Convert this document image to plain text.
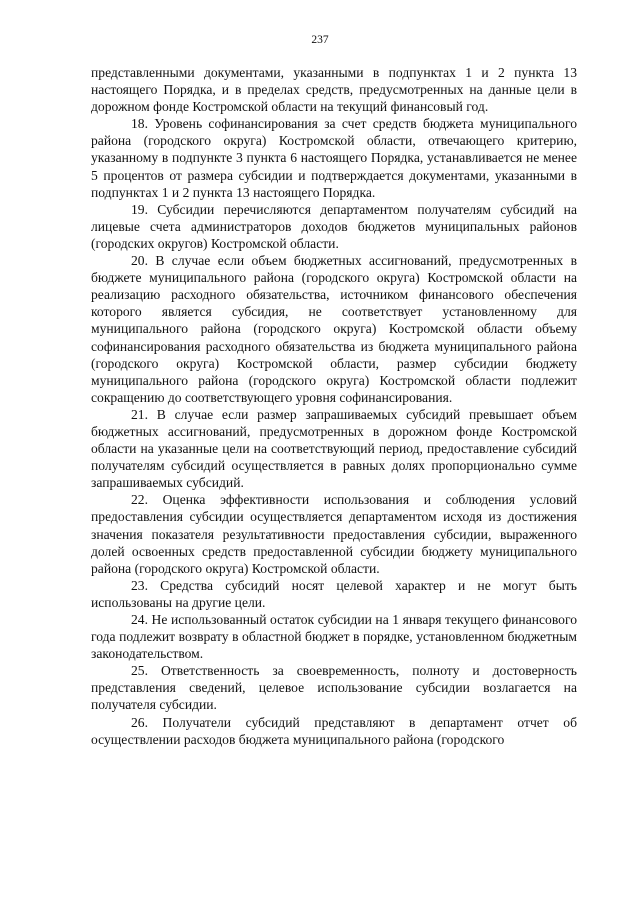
237

представленными документами, указанными в подпунктах 1 и 2 пункта 13 настоящего Порядка, и в пределах средств, предусмотренных на данные цели в дорожном фонде Костромской области на текущий финансовый год.

18. Уровень софинансирования за счет средств бюджета муниципального района (городского округа) Костромской области, отвечающего критерию, указанному в подпункте 3 пункта 6 настоящего Порядка, устанавливается не менее 5 процентов от размера субсидии и подтверждается документами, указанными в подпунктах 1 и 2 пункта 13 настоящего Порядка.

19. Субсидии перечисляются департаментом получателям субсидий на лицевые счета администраторов доходов бюджетов муниципальных районов (городских округов) Костромской области.

20. В случае если объем бюджетных ассигнований, предусмотренных в бюджете муниципального района (городского округа) Костромской области на реализацию расходного обязательства, источником финансового обеспечения которого является субсидия, не соответствует установленному для муниципального района (городского округа) Костромской области объему софинансирования расходного обязательства из бюджета муниципального района (городского округа) Костромской области, размер субсидии бюджету муниципального района (городского округа) Костромской области подлежит сокращению до соответствующего уровня софинансирования.

21. В случае если размер запрашиваемых субсидий превышает объем бюджетных ассигнований, предусмотренных в дорожном фонде Костромской области на указанные цели на соответствующий период, предоставление субсидий получателям субсидий осуществляется в равных долях пропорционально сумме запрашиваемых субсидий.

22. Оценка эффективности использования и соблюдения условий предоставления субсидии осуществляется департаментом исходя из достижения значения показателя результативности предоставления субсидии, выраженного долей освоенных средств предоставленной субсидии бюджету муниципального района (городского округа) Костромской области.

23. Средства субсидий носят целевой характер и не могут быть использованы на другие цели.

24. Не использованный остаток субсидии на 1 января текущего финансового года подлежит возврату в областной бюджет в порядке, установленном бюджетным законодательством.

25. Ответственность за своевременность, полноту и достоверность представления сведений, целевое использование субсидии возлагается на получателя субсидии.

26. Получатели субсидий представляют в департамент отчет об осуществлении расходов бюджета муниципального района (городского
